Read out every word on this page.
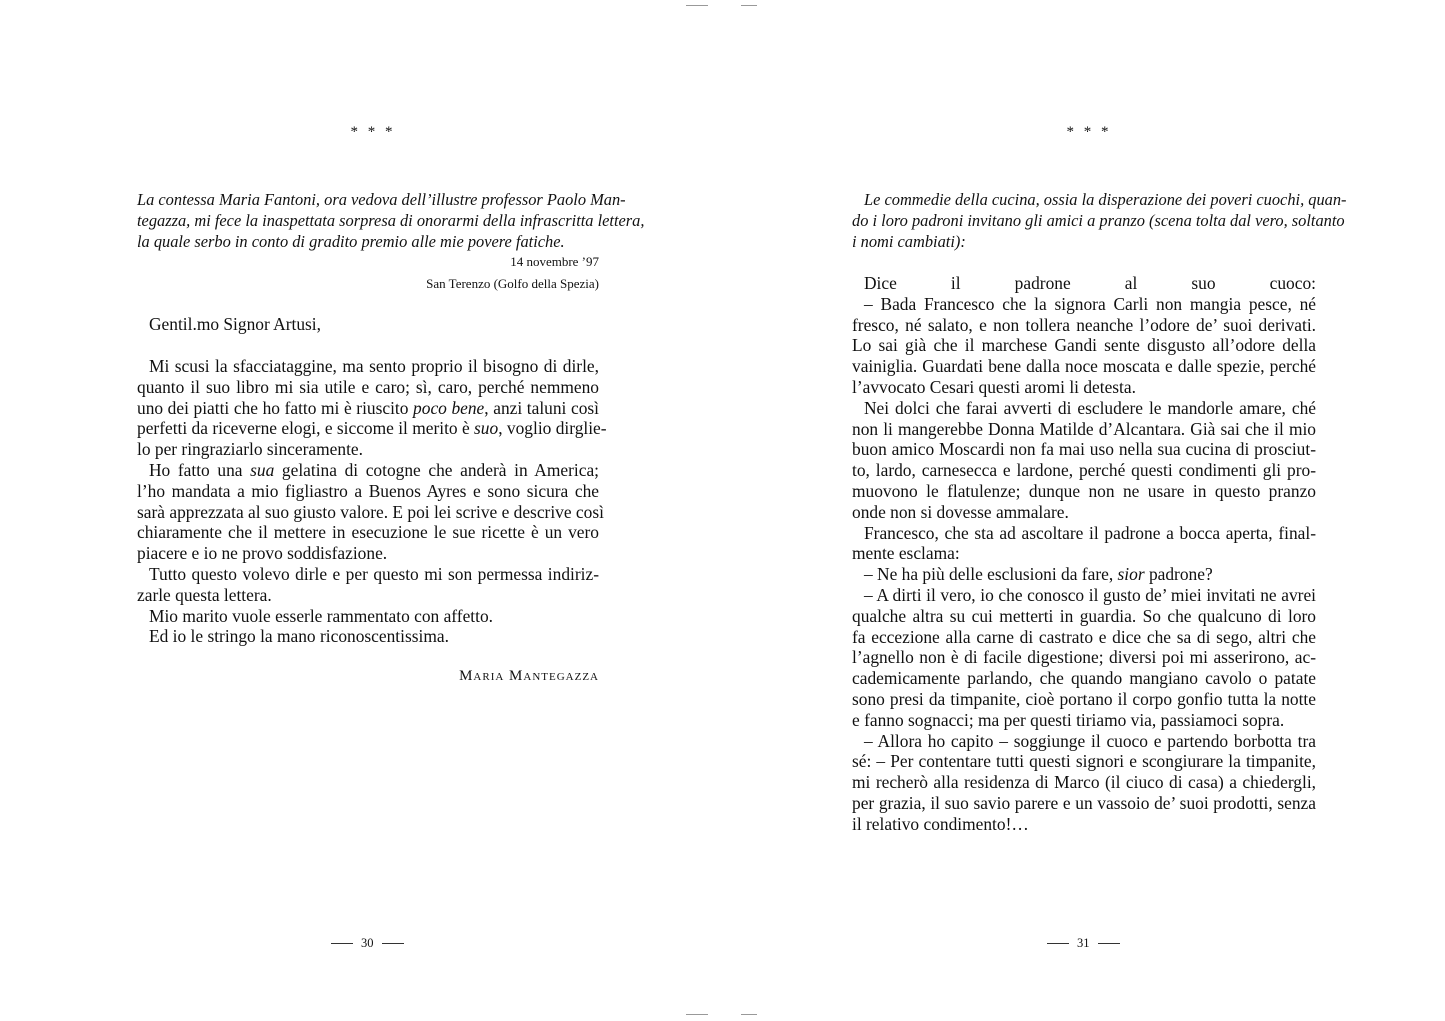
* * *

La contessa Maria Fantoni, ora vedova dell’illustre professor Paolo Man-
tegazza, mi fece la inaspettata sorpresa di onorarmi della infrascritta lettera,
la quale serbo in conto di gradito premio alle mie povere fatiche.

14 novembre ’97
San Terenzo (Golfo della Spezia)
Gentil.mo Signor Artusi,
Mi scusi la sfacciataggine, ma sento proprio il bisogno di dirle,
quanto il suo libro mi sia utile e caro; sì, caro, perché nemmeno
uno dei piatti che ho fatto mi è riuscito poco bene, anzi taluni così
perfetti da riceverne elogi, e siccome il merito è suo, voglio dirglie-
lo per ringraziarlo sinceramente.
Ho fatto una sua gelatina di cotogne che anderà in America;
l’ho mandata a mio figliastro a Buenos Ayres e sono sicura che
sarà apprezzata al suo giusto valore. E poi lei scrive e descrive così
chiaramente che il mettere in esecuzione le sue ricette è un vero
piacere e io ne provo soddisfazione.
Tutto questo volevo dirle e per questo mi son permessa indiriz-
zarle questa lettera.
Mio marito vuole esserle rammentato con affetto.
Ed io le stringo la mano riconoscentissima.
Maria Mantegazza
30
* * *

Le commedie della cucina, ossia la disperazione dei poveri cuochi, quan-
do i loro padroni invitano gli amici a pranzo (scena tolta dal vero, soltanto
i nomi cambiati):

Dice il padrone al suo cuoco:
– Bada Francesco che la signora Carli non mangia pesce, né
fresco, né salato, e non tollera neanche l’odore de’ suoi derivati.
Lo sai già che il marchese Gandi sente disgusto all’odore della
vainiglia. Guardati bene dalla noce moscata e dalle spezie, perché
l’avvocato Cesari questi aromi li detesta.
Nei dolci che farai avverti di escludere le mandorle amare, ché
non li mangerebbe Donna Matilde d’Alcantara. Già sai che il mio
buon amico Moscardi non fa mai uso nella sua cucina di prosciut-
to, lardo, carnesecca e lardone, perché questi condimenti gli pro-
muovono le flatulenze; dunque non ne usare in questo pranzo
onde non si dovesse ammalare.
Francesco, che sta ad ascoltare il padrone a bocca aperta, final-
mente esclama:
– Ne ha più delle esclusioni da fare, sior padrone?
– A dirti il vero, io che conosco il gusto de’ miei invitati ne avrei
qualche altra su cui metterti in guardia. So che qualcuno di loro
fa eccezione alla carne di castrato e dice che sa di sego, altri che
l’agnello non è di facile digestione; diversi poi mi asserirono, ac-
cademicamente parlando, che quando mangiano cavolo o patate
sono presi da timpanite, cioè portano il corpo gonfio tutta la notte
e fanno sognacci; ma per questi tiriamo via, passiamoci sopra.
– Allora ho capito – soggiunge il cuoco e partendo borbotta tra
sé: – Per contentare tutti questi signori e scongiurare la timpanite,
mi recherò alla residenza di Marco (il ciuco di casa) a chiedergli,
per grazia, il suo savio parere e un vassoio de’ suoi prodotti, senza
il relativo condimento!…
31
